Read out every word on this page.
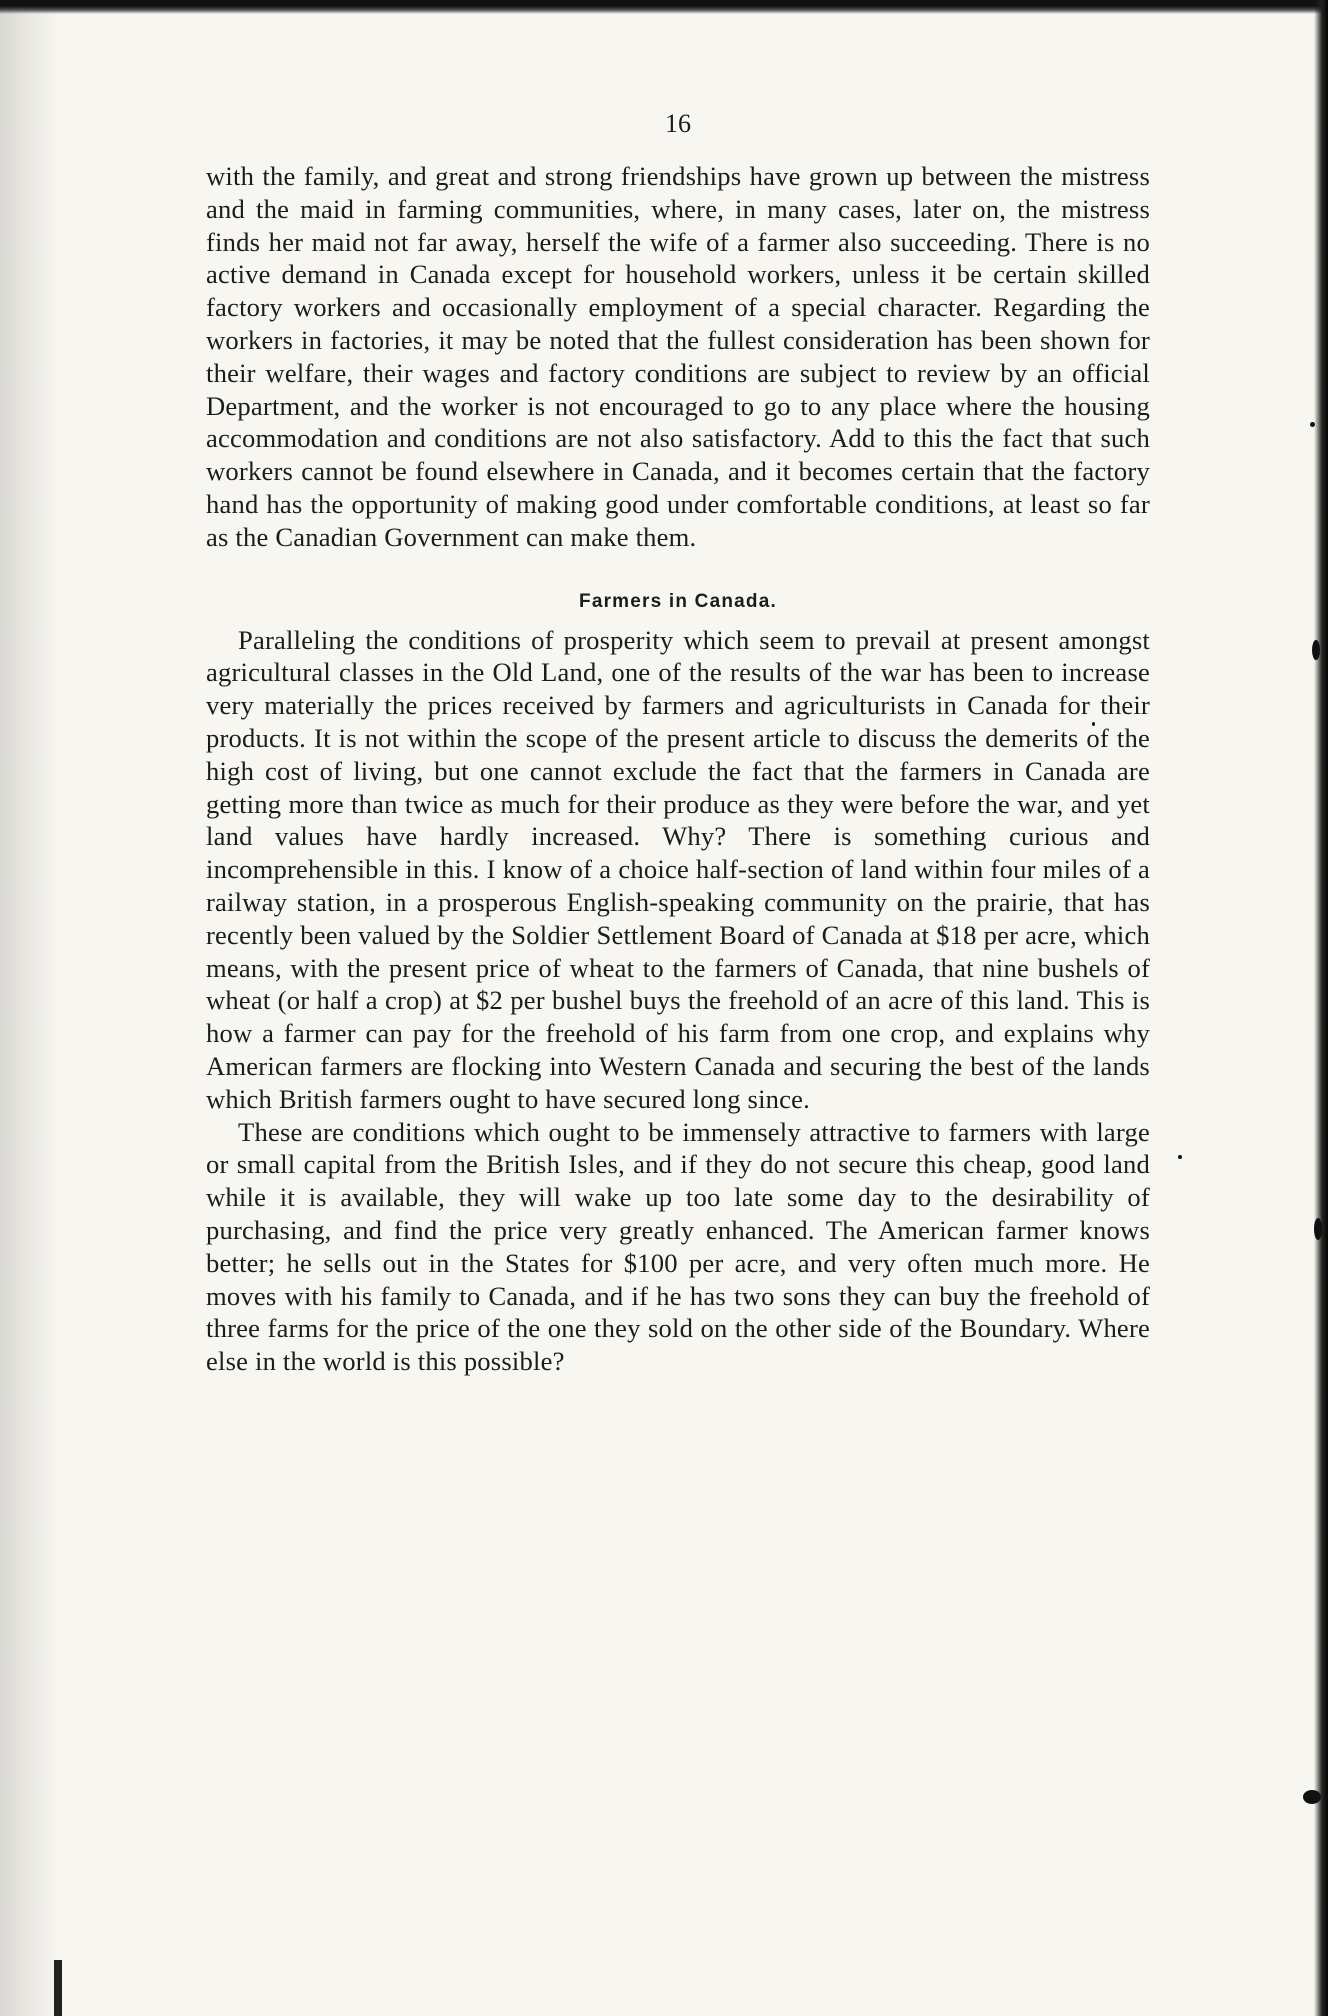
16

with the family, and great and strong friendships have grown up between the mistress and the maid in farming communities, where, in many cases, later on, the mistress finds her maid not far away, herself the wife of a farmer also succeeding. There is no active demand in Canada except for household workers, unless it be certain skilled factory workers and occasionally employment of a special character. Regarding the workers in factories, it may be noted that the fullest consideration has been shown for their welfare, their wages and factory conditions are subject to review by an official Department, and the worker is not encouraged to go to any place where the housing accommodation and conditions are not also satisfactory. Add to this the fact that such workers cannot be found elsewhere in Canada, and it becomes certain that the factory hand has the opportunity of making good under comfortable conditions, at least so far as the Canadian Government can make them.

Farmers in Canada.

Paralleling the conditions of prosperity which seem to prevail at present amongst agricultural classes in the Old Land, one of the results of the war has been to increase very materially the prices received by farmers and agriculturists in Canada for their products. It is not within the scope of the present article to discuss the demerits of the high cost of living, but one cannot exclude the fact that the farmers in Canada are getting more than twice as much for their produce as they were before the war, and yet land values have hardly increased. Why? There is something curious and incomprehensible in this. I know of a choice half-section of land within four miles of a railway station, in a prosperous English-speaking community on the prairie, that has recently been valued by the Soldier Settlement Board of Canada at $18 per acre, which means, with the present price of wheat to the farmers of Canada, that nine bushels of wheat (or half a crop) at $2 per bushel buys the freehold of an acre of this land. This is how a farmer can pay for the freehold of his farm from one crop, and explains why American farmers are flocking into Western Canada and securing the best of the lands which British farmers ought to have secured long since.

These are conditions which ought to be immensely attractive to farmers with large or small capital from the British Isles, and if they do not secure this cheap, good land while it is available, they will wake up too late some day to the desirability of purchasing, and find the price very greatly enhanced. The American farmer knows better; he sells out in the States for $100 per acre, and very often much more. He moves with his family to Canada, and if he has two sons they can buy the freehold of three farms for the price of the one they sold on the other side of the Boundary. Where else in the world is this possible?
